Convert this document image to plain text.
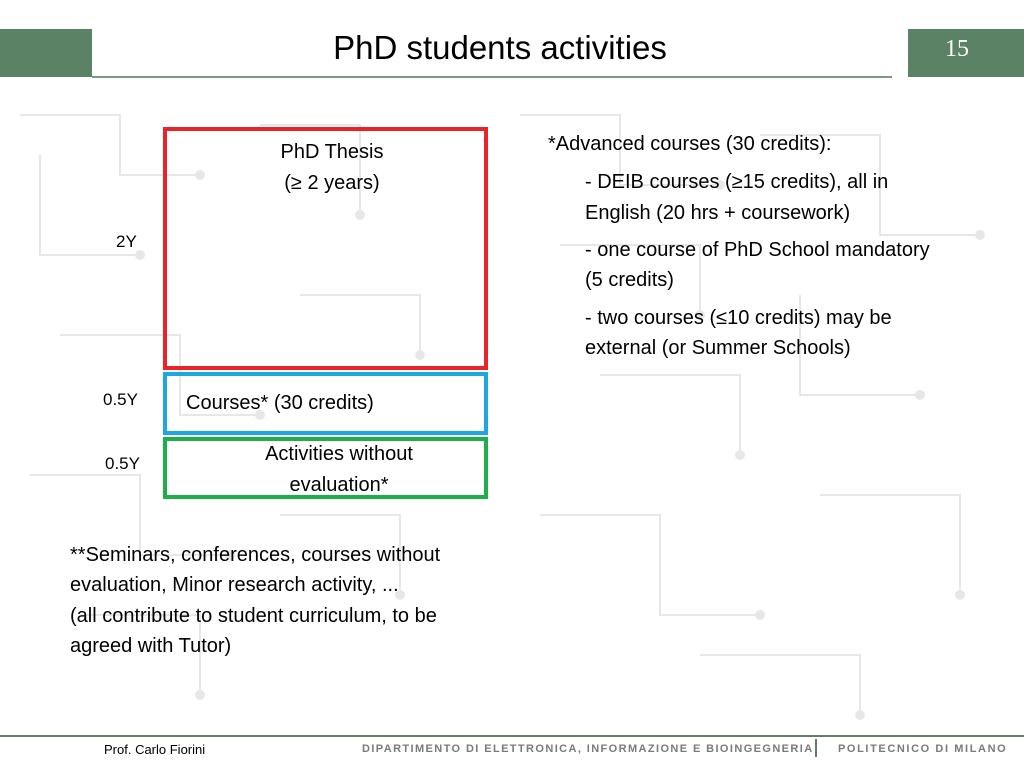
PhD students activities	15
PhD Thesis
(≥ 2 years)
Courses* (30 credits)
Activities without
evaluation*
2Y
0.5Y
0.5Y
*Advanced courses (30 credits):
- DEIB courses (≥15 credits), all in
English (20 hrs + coursework)
- one course of PhD School mandatory
(5 credits)
- two courses (≤10 credits) may be
external (or Summer Schools)
**Seminars, conferences, courses without
evaluation, Minor research activity, ...
(all contribute to student curriculum, to be
agreed with Tutor)
Prof. Carlo Fiorini	DIPARTIMENTO DI ELETTRONICA, INFORMAZIONE E BIOINGEGNERIA POLITECNICO DI MILANO
